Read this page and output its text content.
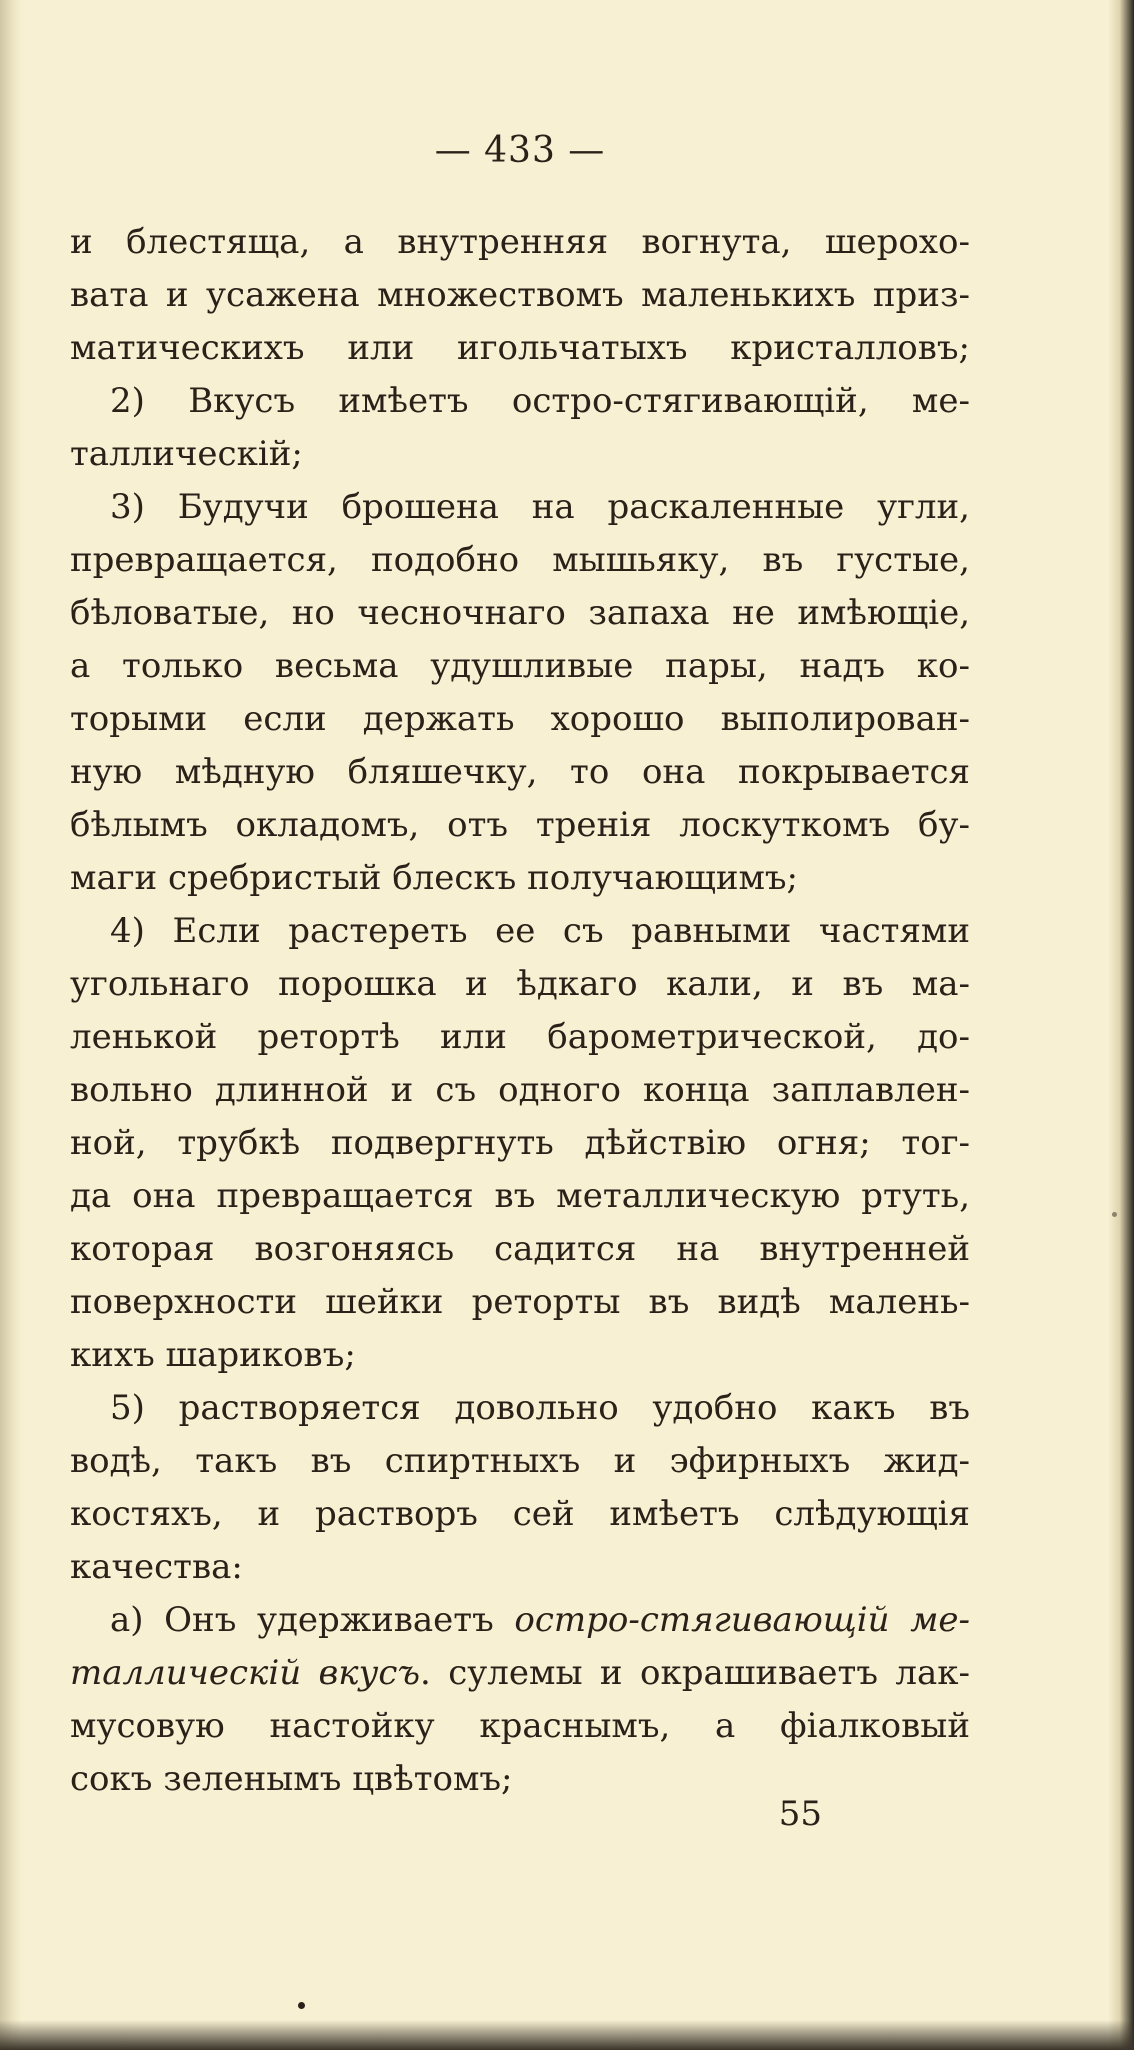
— 433 —
и блестяща, а внутренняя вогнута, шерохо-
вата и усажена множествомъ маленькихъ приз-
матическихъ или игольчатыхъ кристалловъ;
2) Вкусъ имѣетъ остро-стягивающій, ме-
таллическій;
3) Будучи брошена на раскаленные угли,
превращается, подобно мышьяку, въ густые,
бѣловатые, но чесночнаго запаха не имѣющіе,
а только весьма удушливые пары, надъ ко-
торыми если держать хорошо выполирован-
ную мѣдную бляшечку, то она покрывается
бѣлымъ окладомъ, отъ тренія лоскуткомъ бу-
маги сребристый блескъ получающимъ;
4) Если растереть ее съ равными частями
угольнаго порошка и ѣдкаго кали, и въ ма-
ленькой ретортѣ или барометрической, до-
вольно длинной и съ одного конца заплавлен-
ной, трубкѣ подвергнуть дѣйствію огня; тог-
да она превращается въ металлическую ртуть,
которая возгоняясь садится на внутренней
поверхности шейки реторты въ видѣ малень-
кихъ шариковъ;
5) растворяется довольно удобно какъ въ
водѣ, такъ въ спиртныхъ и эфирныхъ жид-
костяхъ, и растворъ сей имѣетъ слѣдующія
качества:
а) Онъ удерживаетъ остро-стягивающій ме-
таллическій вкусъ. сулемы и окрашиваетъ лак-
мусовую настойку краснымъ, а фіалковый
сокъ зеленымъ цвѣтомъ;
55
